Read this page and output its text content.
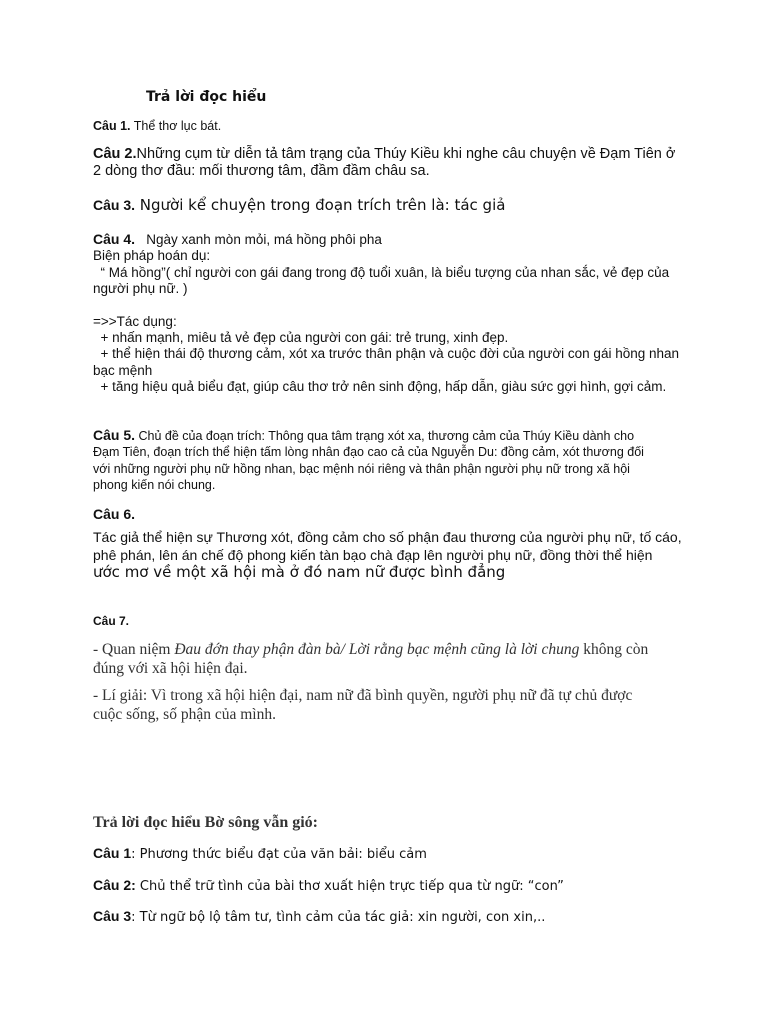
Trả lời đọc hiểu

Câu 1. Thể thơ lục bát.

Câu 2.Những cụm từ diễn tả tâm trạng của Thúy Kiều khi nghe câu chuyện về Đạm Tiên ở 2 dòng thơ đầu: mối thương tâm, đầm đầm châu sa.

Câu 3. Người kể chuyện trong đoạn trích trên là: tác giả

Câu 4.   Ngày xanh mòn mỏi, má hồng phôi pha

Biện pháp hoán dụ:

“ Má hồng”( chỉ người con gái đang trong độ tuổi xuân, là biểu tượng của nhan sắc, vẻ đẹp của người phụ nữ. )

=>>Tác dụng:

+ nhấn mạnh, miêu tả vẻ đẹp của người con gái: trẻ trung, xinh đẹp.

+ thể hiện thái độ thương cảm, xót xa trước thân phận và cuộc đời của người con gái hồng nhan bạc mệnh

+ tăng hiệu quả biểu đạt, giúp câu thơ trở nên sinh động, hấp dẫn, giàu sức gợi hình, gợi cảm.

Câu 5. Chủ đề của đoạn trích: Thông qua tâm trạng xót xa, thương cảm của Thúy Kiều dành cho Đạm Tiên, đoạn trích thể hiện tấm lòng nhân đạo cao cả của Nguyễn Du: đồng cảm, xót thương đối với những người phụ nữ hồng nhan, bạc mệnh nói riêng và thân phận người phụ nữ trong xã hội phong kiến nói chung.

Câu 6.

Tác giả thể hiện sự Thương xót, đồng cảm cho số phận đau thương của người phụ nữ, tố cáo, phê phán, lên án chế độ phong kiến tàn bạo chà đạp lên người phụ nữ, đồng thời thể hiện ước mơ về một xã hội mà ở đó nam nữ được bình đẳng

Câu 7.

- Quan niệm Đau đớn thay phận đàn bà/ Lời rằng bạc mệnh cũng là lời chung không còn đúng với xã hội hiện đại.

- Lí giải: Vì trong xã hội hiện đại, nam nữ đã bình quyền, người phụ nữ đã tự chủ được cuộc sống, số phận của mình.

Trả lời đọc hiểu Bờ sông vẫn gió:

Câu 1: Phương thức biểu đạt của văn bải: biểu cảm

Câu 2: Chủ thể trữ tình của bài thơ xuất hiện trực tiếp qua từ ngữ: “con”

Câu 3: Từ ngữ bộ lộ tâm tư, tình cảm của tác giả: xin người, con xin,..
